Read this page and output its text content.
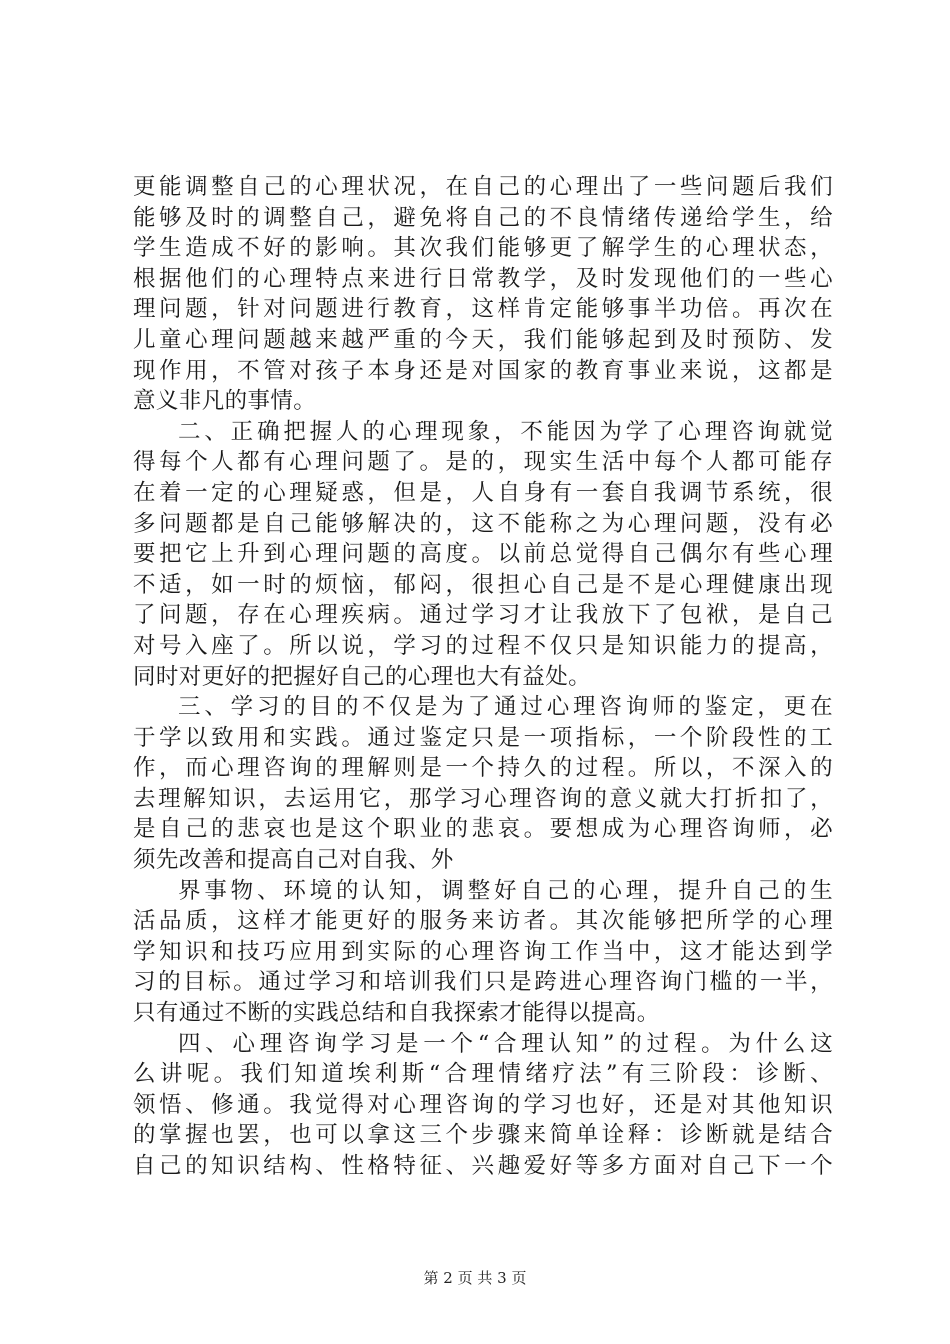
更能调整自己的心理状况，在自己的心理出了一些问题后我们
能够及时的调整自己，避免将自己的不良情绪传递给学生，给
学生造成不好的影响。其次我们能够更了解学生的心理状态，
根据他们的心理特点来进行日常教学，及时发现他们的一些心
理问题，针对问题进行教育，这样肯定能够事半功倍。再次在
儿童心理问题越来越严重的今天，我们能够起到及时预防、发
现作用，不管对孩子本身还是对国家的教育事业来说，这都是
意义非凡的事情。
二、正确把握人的心理现象，不能因为学了心理咨询就觉
得每个人都有心理问题了。是的，现实生活中每个人都可能存
在着一定的心理疑惑，但是，人自身有一套自我调节系统，很
多问题都是自己能够解决的，这不能称之为心理问题，没有必
要把它上升到心理问题的高度。以前总觉得自己偶尔有些心理
不适，如一时的烦恼，郁闷，很担心自己是不是心理健康出现
了问题，存在心理疾病。通过学习才让我放下了包袱，是自己
对号入座了。所以说，学习的过程不仅只是知识能力的提高，
同时对更好的把握好自己的心理也大有益处。
三、学习的目的不仅是为了通过心理咨询师的鉴定，更在
于学以致用和实践。通过鉴定只是一项指标，一个阶段性的工
作，而心理咨询的理解则是一个持久的过程。所以，不深入的
去理解知识，去运用它，那学习心理咨询的意义就大打折扣了，
是自己的悲哀也是这个职业的悲哀。要想成为心理咨询师，必
须先改善和提高自己对自我、外
界事物、环境的认知，调整好自己的心理，提升自己的生
活品质，这样才能更好的服务来访者。其次能够把所学的心理
学知识和技巧应用到实际的心理咨询工作当中，这才能达到学
习的目标。通过学习和培训我们只是跨进心理咨询门槛的一半，
只有通过不断的实践总结和自我探索才能得以提高。
四、心理咨询学习是一个“合理认知”的过程。为什么这
么讲呢。我们知道埃利斯“合理情绪疗法”有三阶段：诊断、
领悟、修通。我觉得对心理咨询的学习也好，还是对其他知识
的掌握也罢，也可以拿这三个步骤来简单诠释：诊断就是结合
自己的知识结构、性格特征、兴趣爱好等多方面对自己下一个
第 2 页 共 3 页
